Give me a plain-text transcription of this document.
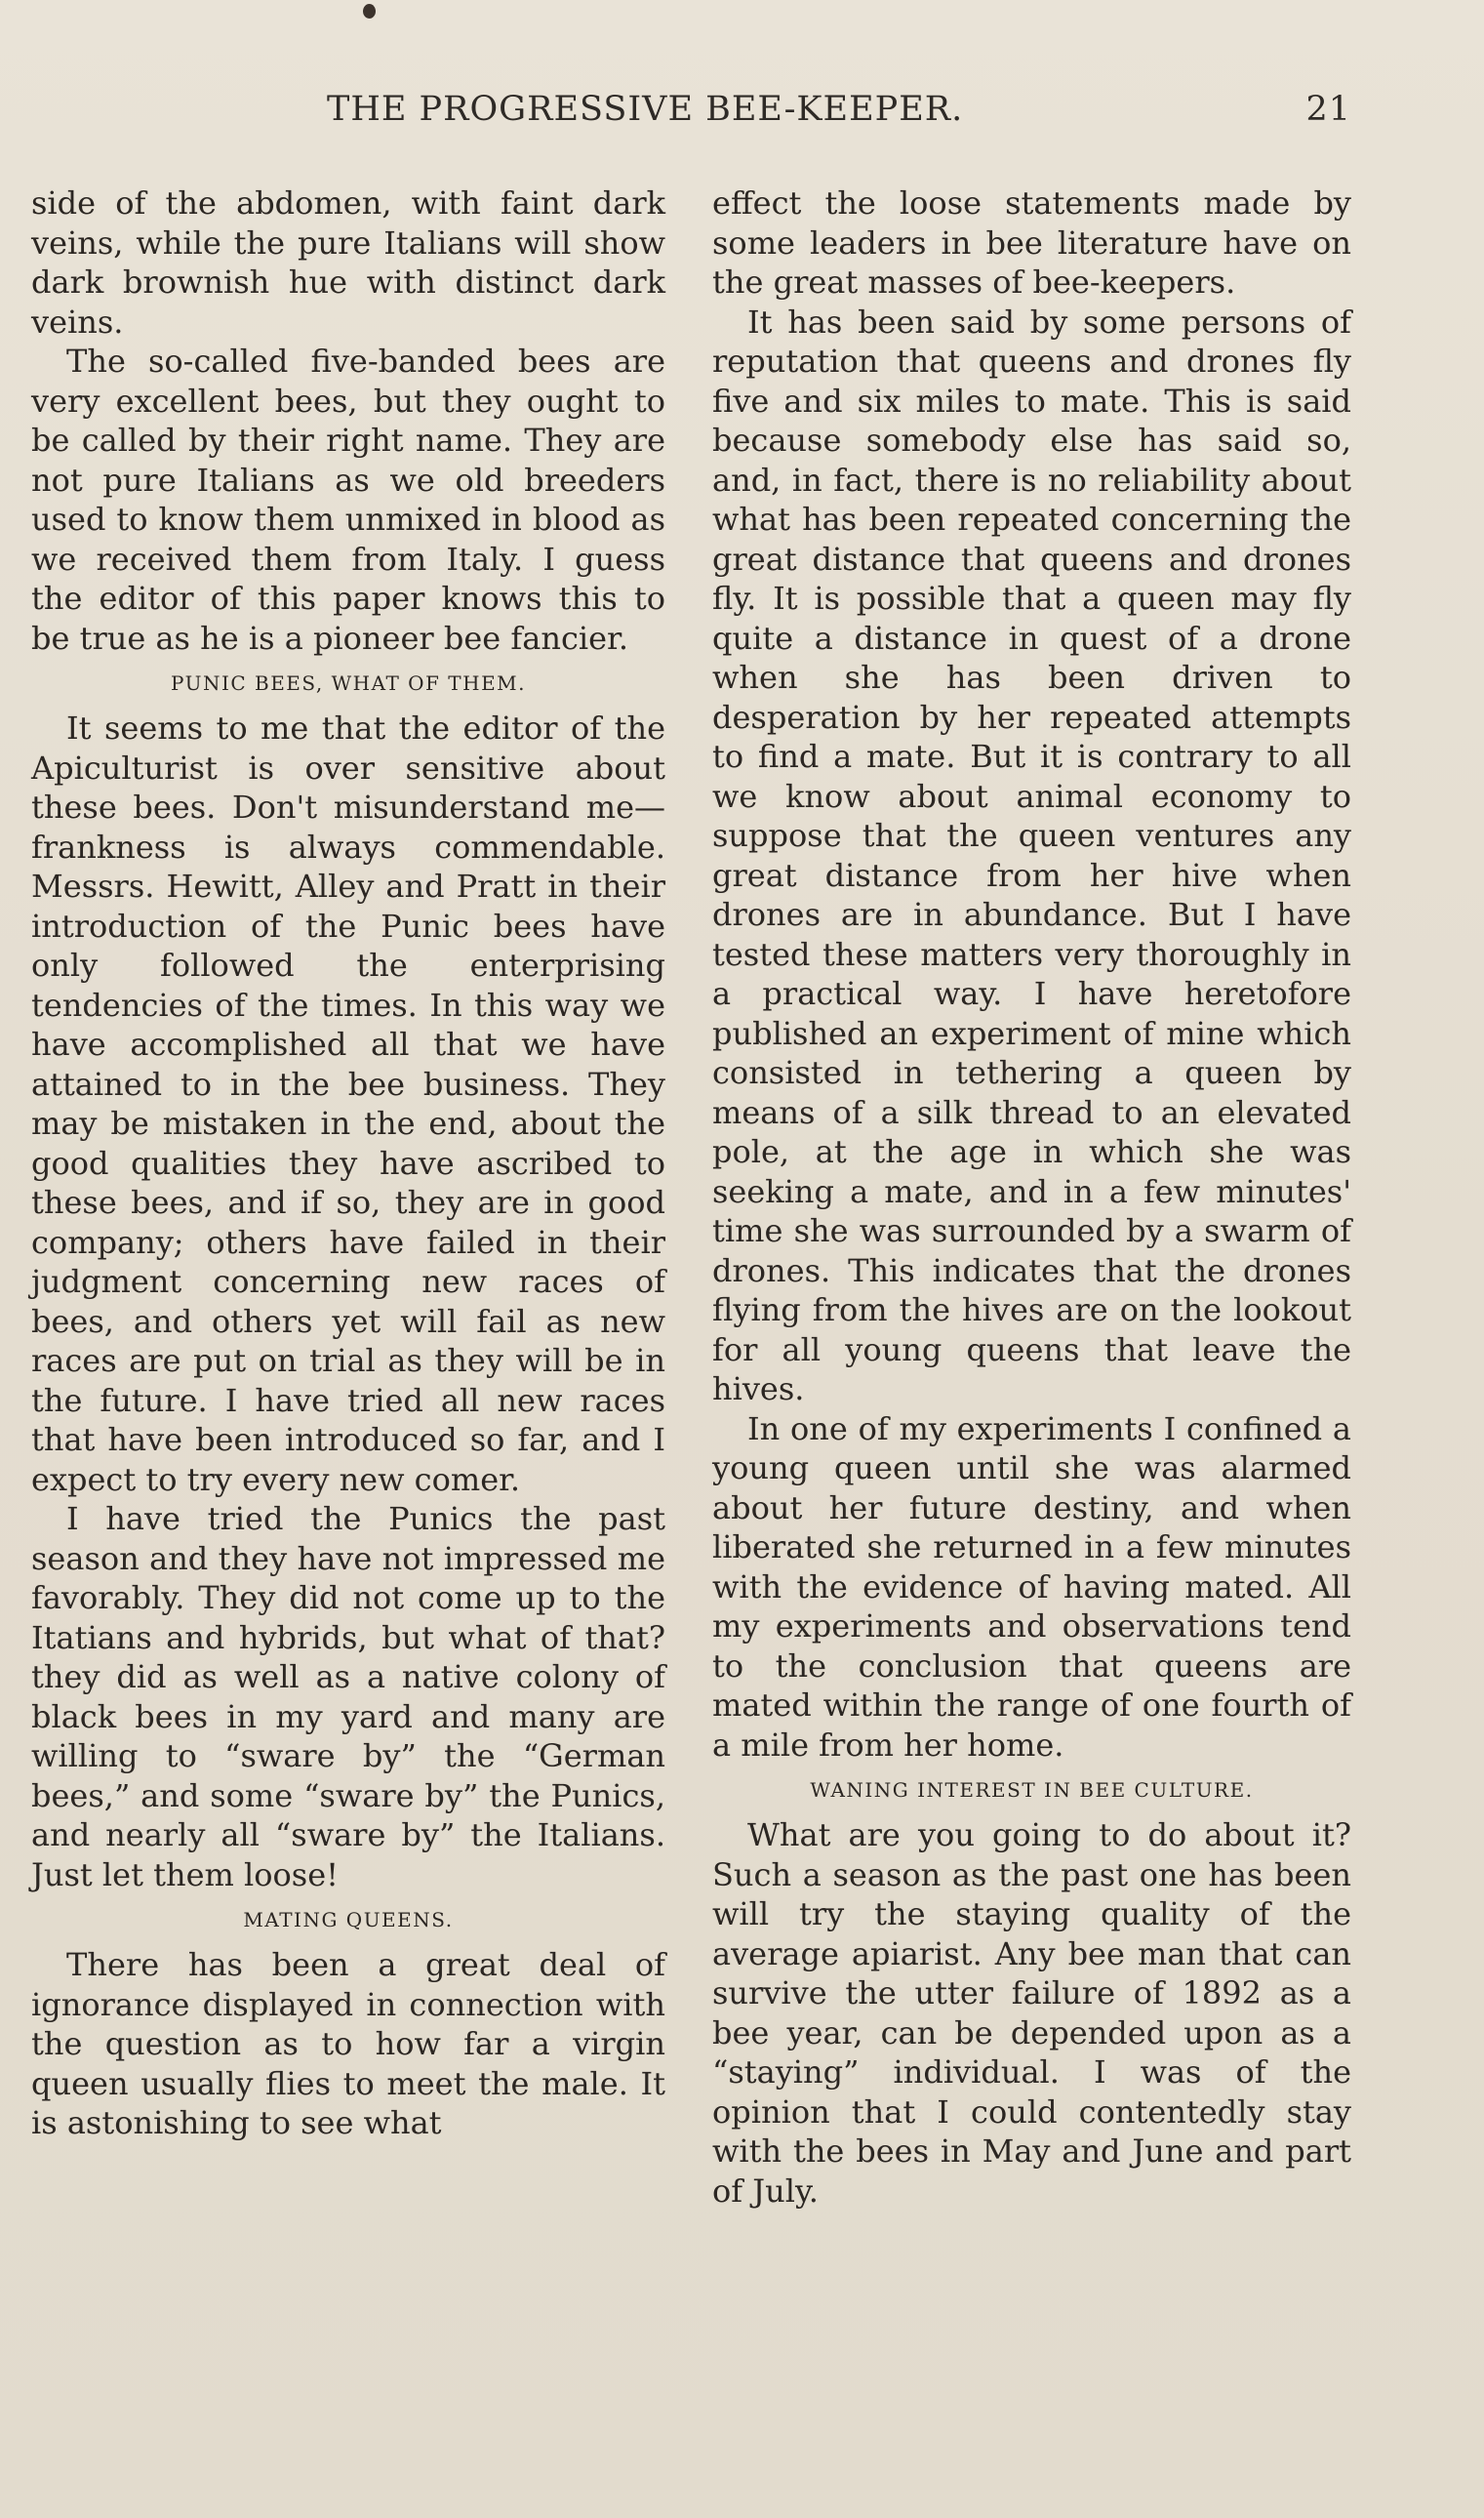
THE PROGRESSIVE BEE-KEEPER.	21

side of the abdomen, with faint dark veins, while the pure Italians will show dark brownish hue with distinct dark veins.

The so-called five-banded bees are very excellent bees, but they ought to be called by their right name. They are not pure Italians as we old breeders used to know them unmixed in blood as we received them from Italy. I guess the editor of this paper knows this to be true as he is a pioneer bee fancier.

PUNIC BEES, WHAT OF THEM.

It seems to me that the editor of the Apiculturist is over sensitive about these bees. Don't misunderstand me—frankness is always commendable. Messrs. Hewitt, Alley and Pratt in their introduction of the Punic bees have only followed the enterprising tendencies of the times. In this way we have accomplished all that we have attained to in the bee business. They may be mistaken in the end, about the good qualities they have ascribed to these bees, and if so, they are in good company; others have failed in their judgment concerning new races of bees, and others yet will fail as new races are put on trial as they will be in the future. I have tried all new races that have been introduced so far, and I expect to try every new comer.

I have tried the Punics the past season and they have not impressed me favorably. They did not come up to the Itatians and hybrids, but what of that? they did as well as a native colony of black bees in my yard and many are willing to “sware by” the “German bees,” and some “sware by” the Punics, and nearly all “sware by” the Italians. Just let them loose!

MATING QUEENS.

There has been a great deal of ignorance displayed in connection with the question as to how far a virgin queen usually flies to meet the male. It is astonishing to see what

effect the loose statements made by some leaders in bee literature have on the great masses of bee-keepers.

It has been said by some persons of reputation that queens and drones fly five and six miles to mate. This is said because somebody else has said so, and, in fact, there is no reliability about what has been repeated concerning the great distance that queens and drones fly. It is possible that a queen may fly quite a distance in quest of a drone when she has been driven to desperation by her repeated attempts to find a mate. But it is contrary to all we know about animal economy to suppose that the queen ventures any great distance from her hive when drones are in abundance. But I have tested these matters very thoroughly in a practical way. I have heretofore published an experiment of mine which consisted in tethering a queen by means of a silk thread to an elevated pole, at the age in which she was seeking a mate, and in a few minutes' time she was surrounded by a swarm of drones. This indicates that the drones flying from the hives are on the lookout for all young queens that leave the hives.

In one of my experiments I confined a young queen until she was alarmed about her future destiny, and when liberated she returned in a few minutes with the evidence of having mated. All my experiments and observations tend to the conclusion that queens are mated within the range of one fourth of a mile from her home.

WANING INTEREST IN BEE CULTURE.

What are you going to do about it? Such a season as the past one has been will try the staying quality of the average apiarist. Any bee man that can survive the utter failure of 1892 as a bee year, can be depended upon as a “staying” individual. I was of the opinion that I could contentedly stay with the bees in May and June and part of July.
